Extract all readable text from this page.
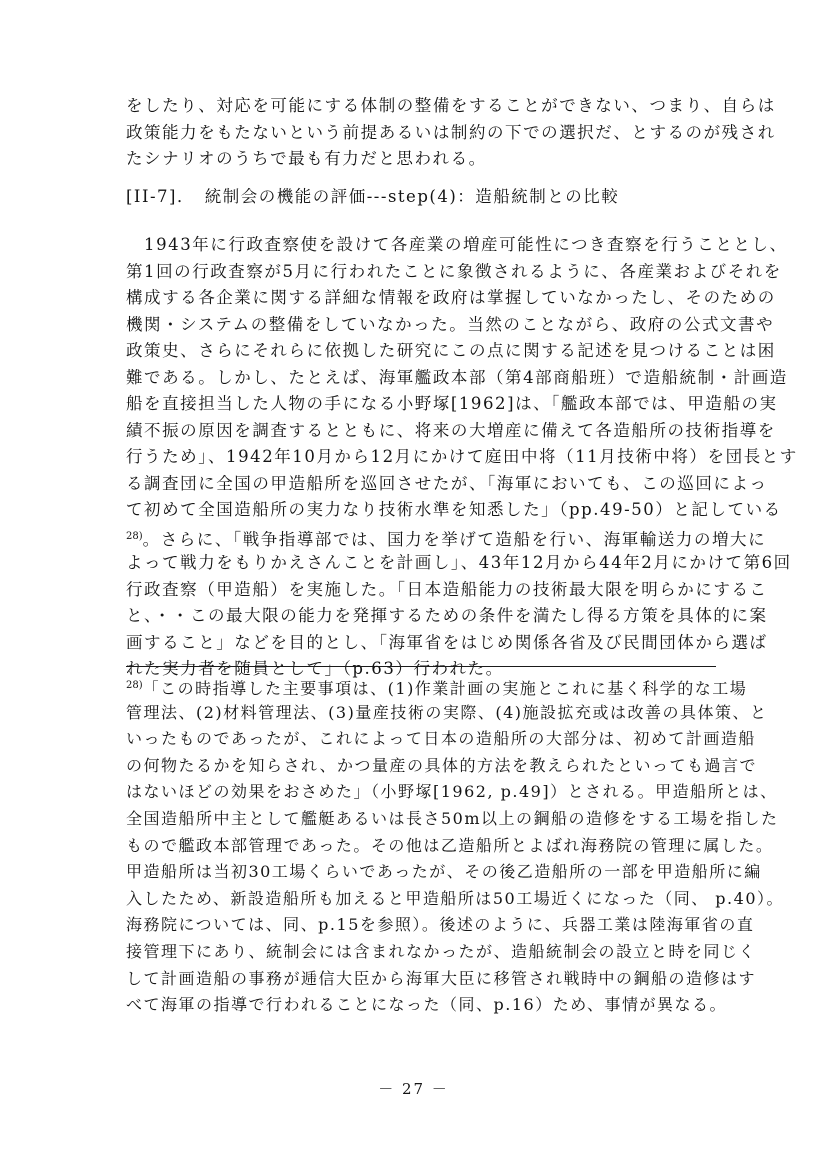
をしたり、対応を可能にする体制の整備をすることができない、つまり、自らは
政策能力をもたないという前提あるいは制約の下での選択だ、とするのが残され
たシナリオのうちで最も有力だと思われる。
[II-7]．　統制会の機能の評価---step(4)：造船統制との比較
　1943年に行政査察使を設けて各産業の増産可能性につき査察を行うこととし、
第1回の行政査察が5月に行われたことに象徴されるように、各産業およびそれを
構成する各企業に関する詳細な情報を政府は掌握していなかったし、そのための
機関・システムの整備をしていなかった。当然のことながら、政府の公式文書や
政策史、さらにそれらに依拠した研究にこの点に関する記述を見つけることは困
難である。しかし、たとえば、海軍艦政本部（第4部商船班）で造船統制・計画造
船を直接担当した人物の手になる小野塚[1962]は、「艦政本部では、甲造船の実
績不振の原因を調査するとともに、将来の大増産に備えて各造船所の技術指導を
行うため」、1942年10月から12月にかけて庭田中将（11月技術中将）を団長とす
る調査団に全国の甲造船所を巡回させたが、「海軍においても、この巡回によっ
て初めて全国造船所の実力なり技術水準を知悉した」（pp.49-50）と記している
$^{28)}$。さらに、「戦争指導部では、国力を挙げて造船を行い、海軍輸送力の増大に
よって戦力をもりかえさんことを計画し」、43年12月から44年2月にかけて第6回
行政査察（甲造船）を実施した。「日本造船能力の技術最大限を明らかにするこ
と、・・この最大限の能力を発揮するための条件を満たし得る方策を具体的に案
画すること」などを目的とし、「海軍省をはじめ関係各省及び民間団体から選ば
れた実力者を随員として」（p.63）行われた。
$^{28)}$「この時指導した主要事項は、(1)作業計画の実施とこれに基く科学的な工場
管理法、(2)材料管理法、(3)量産技術の実際、(4)施設拡充或は改善の具体策、と
いったものであったが、これによって日本の造船所の大部分は、初めて計画造船
の何物たるかを知らされ、かつ量産の具体的方法を教えられたといっても過言で
はないほどの効果をおさめた」（小野塚[1962, p.49]）とされる。甲造船所とは、
全国造船所中主として艦艇あるいは長さ50m以上の鋼船の造修をする工場を指した
もので艦政本部管理であった。その他は乙造船所とよばれ海務院の管理に属した。
甲造船所は当初30工場くらいであったが、その後乙造船所の一部を甲造船所に編
入したため、新設造船所も加えると甲造船所は50工場近くになった（同、 p.40）。
海務院については、同、p.15を参照）。後述のように、兵器工業は陸海軍省の直
接管理下にあり、統制会には含まれなかったが、造船統制会の設立と時を同じく
して計画造船の事務が逓信大臣から海軍大臣に移管され戦時中の鋼船の造修はす
べて海軍の指導で行われることになった（同、p.16）ため、事情が異なる。
－ 27 －
